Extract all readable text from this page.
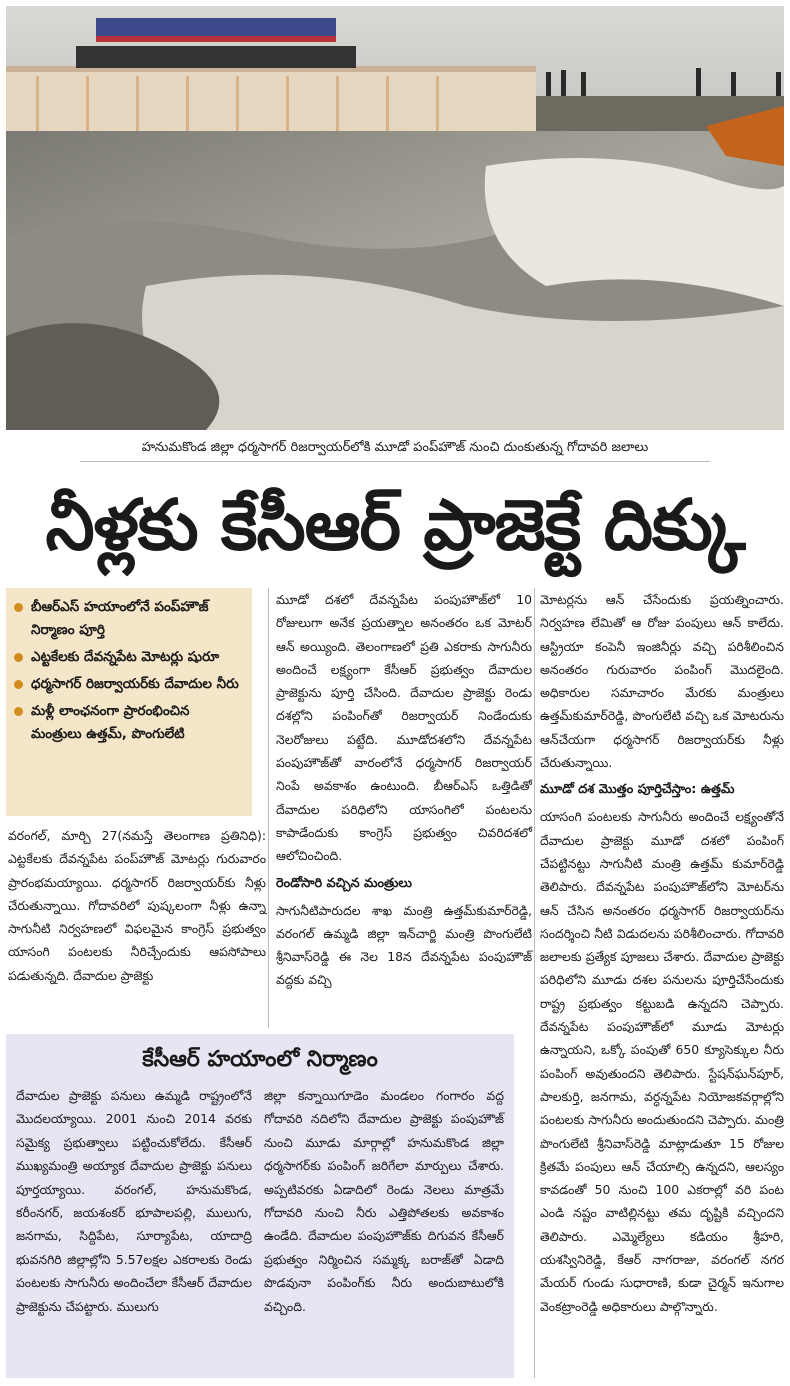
హనుమకొండ జిల్లా ధర్మసాగర్ రిజర్వాయర్‌లోకి మూడో పంప్‌హౌజ్ నుంచి దుంకుతున్న గోదావరి జలాలు
నీళ్లకు కేసీఆర్ ప్రాజెక్టే దిక్కు
బీఆర్‌ఎస్ హయాంలోనే పంప్‌హౌజ్ నిర్మాణం పూర్తి
ఎట్టకేలకు దేవన్నపేట మోటర్లు షురూ
ధర్మసాగర్ రిజర్వాయర్‌కు దేవాదుల నీరు
మళ్లీ లాంఛనంగా ప్రారంభించిన మంత్రులు ఉత్తమ్, పొంగులేటి

వరంగల్, మార్చి 27(నమస్తే తెలంగాణ ప్రతినిధి): ఎట్టకేలకు దేవన్నపేట పంప్‌హౌజ్ మోటర్లు గురువారం ప్రారంభమయ్యాయి. ధర్మసాగర్ రిజర్వాయర్‌కు నీళ్లు చేరుతున్నాయి. గోదావరిలో పుష్కలంగా నీళ్లు ఉన్నా సాగునీటి నిర్వహణలో విఫలమైన కాంగ్రెస్ ప్రభుత్వం యాసంగి పంటలకు నీరిచ్చేందుకు ఆపసోపాలు పడుతున్నది. దేవాదుల ప్రాజెక్టు

మూడో దశలో దేవన్నపేట పంపుహౌజ్‌లో 10 రోజులుగా అనేక ప్రయత్నాల అనంతరం ఒక మోటర్ ఆన్ అయ్యింది. తెలంగాణలో ప్రతి ఎకరాకు సాగునీరు అందించే లక్ష్యంగా కేసీఆర్ ప్రభుత్వం దేవాదుల ప్రాజెక్టును పూర్తి చేసింది. దేవాదుల ప్రాజెక్టు రెండు దశల్లోని పంపింగ్‌తో రిజర్వాయర్ నిండేందుకు నెలరోజులు పట్టేది. మూడోదశలోని దేవన్నపేట పంపుహౌజ్‌తో వారంలోనే ధర్మసాగర్ రిజర్వాయర్ నింపే అవకాశం ఉంటుంది. బీఆర్‌ఎస్ ఒత్తిడితో దేవాదుల పరిధిలోని యాసంగిలో పంటలను కాపాడేందుకు కాంగ్రెస్ ప్రభుత్వం చివరిదశలో ఆలోచించింది.

రెండోసారి వచ్చిన మంత్రులు

సాగునీటిపారుదల శాఖ మంత్రి ఉత్తమ్‌కుమార్‌రెడ్డి, వరంగల్ ఉమ్మడి జిల్లా ఇన్‌చార్జి మంత్రి పొంగులేటి శ్రీనివాస్‌రెడ్డి ఈ నెల 18న దేవన్నపేట పంపుహౌజ్ వద్దకు వచ్చి

మోటర్లను ఆన్ చేసేందుకు ప్రయత్నించారు. నిర్వహణ లేమితో ఆ రోజు పంపులు ఆన్ కాలేదు. ఆస్ట్రియా కంపెనీ ఇంజినీర్లు వచ్చి పరిశీలించిన అనంతరం గురువారం పంపింగ్ మొదలైంది. అధికారుల సమాచారం మేరకు మంత్రులు ఉత్తమ్‌కుమార్‌రెడ్డి, పొంగులేటి వచ్చి ఒక మోటరును ఆన్‌చేయగా ధర్మసాగర్ రిజర్వాయర్‌కు నీళ్లు చేరుతున్నాయి.

మూడో దశ మొత్తం పూర్తిచేస్తాం: ఉత్తమ్

యాసంగి పంటలకు సాగునీరు అందించే లక్ష్యంతోనే దేవాదుల ప్రాజెక్టు మూడో దశలో పంపింగ్ చేపట్టినట్టు సాగునీటి మంత్రి ఉత్తమ్ కుమార్‌రెడ్డి తెలిపారు. దేవన్నపేట పంపుహౌజ్‌లోని మోటర్‌ను ఆన్ చేసిన అనంతరం ధర్మసాగర్ రిజర్వాయర్‌ను సందర్శించి నీటి విడుదలను పరిశీలించారు. గోదావరి జలాలకు ప్రత్యేక పూజలు చేశారు. దేవాదుల ప్రాజెక్టు పరిధిలోని మూడు దశల పనులను పూర్తిచేసేందుకు రాష్ట్ర ప్రభుత్వం కట్టుబడి ఉన్నదని చెప్పారు. దేవన్నపేట పంపుహౌజ్‌లో మూడు మోటర్లు ఉన్నాయని, ఒక్కో పంపుతో 650 క్యూసెక్కుల నీరు పంపింగ్ అవుతుందని తెలిపారు. స్టేషన్‌ఘన్‌పూర్, పాలకుర్తి, జనగామ, వర్ధన్నపేట నియోజకవర్గాల్లోని పంటలకు సాగునీరు అందుతుందని చెప్పారు. మంత్రి పొంగులేటి శ్రీనివాస్‌రెడ్డి మాట్లాడుతూ 15 రోజుల క్రితమే పంపులు ఆన్ చేయాల్సి ఉన్నదని, ఆలస్యం కావడంతో 50 నుంచి 100 ఎకరాల్లో వరి పంట ఎండి నష్టం వాటిల్లినట్టు తమ దృష్టికి వచ్చిందని తెలిపారు. ఎమ్మెల్యేలు కడియం శ్రీహరి, యశస్వినిరెడ్డి, కేఆర్ నాగరాజు, వరంగల్ నగర మేయర్ గుండు సుధారాణి, కుడా చైర్మన్ ఇనుగాల వెంకట్రాంరెడ్డి అధికారులు పాల్గొన్నారు.

కేసీఆర్ హయాంలో నిర్మాణం

దేవాదుల ప్రాజెక్టు పనులు ఉమ్మడి రాష్ట్రంలోనే మొదలయ్యాయి. 2001 నుంచి 2014 వరకు సమైక్య ప్రభుత్వాలు పట్టించుకోలేదు. కేసీఆర్ ముఖ్యమంత్రి అయ్యాక దేవాదుల ప్రాజెక్టు పనులు పూర్తయ్యాయి. వరంగల్, హనుమకొండ, కరీంనగర్, జయశంకర్ భూపాలపల్లి, ములుగు, జనగామ, సిద్దిపేట, సూర్యాపేట, యాదాద్రి భువనగిరి జిల్లాల్లోని 5.57లక్షల ఎకరాలకు రెండు పంటలకు సాగునీరు అందించేలా కేసీఆర్ దేవాదుల ప్రాజెక్టును చేపట్టారు. ములుగు

జిల్లా కన్నాయిగూడెం మండలం గంగారం వద్ద గోదావరి నదిలోని దేవాదుల ప్రాజెక్టు పంపుహౌజ్ నుంచి మూడు మార్గాల్లో హనుమకొండ జిల్లా ధర్మసాగర్‌కు పంపింగ్ జరిగేలా మార్పులు చేశారు. అప్పటివరకు ఏడాదిలో రెండు నెలలు మాత్రమే గోదావరి నుంచి నీరు ఎత్తిపోతలకు అవకాశం ఉండేది. దేవాదుల పంపుహౌజ్‌కు దిగువన కేసీఆర్ ప్రభుత్వం నిర్మించిన సమ్మక్క బరాజ్‌తో ఏడాది పొడవునా పంపింగ్‌కు నీరు అందుబాటులోకి వచ్చింది.
